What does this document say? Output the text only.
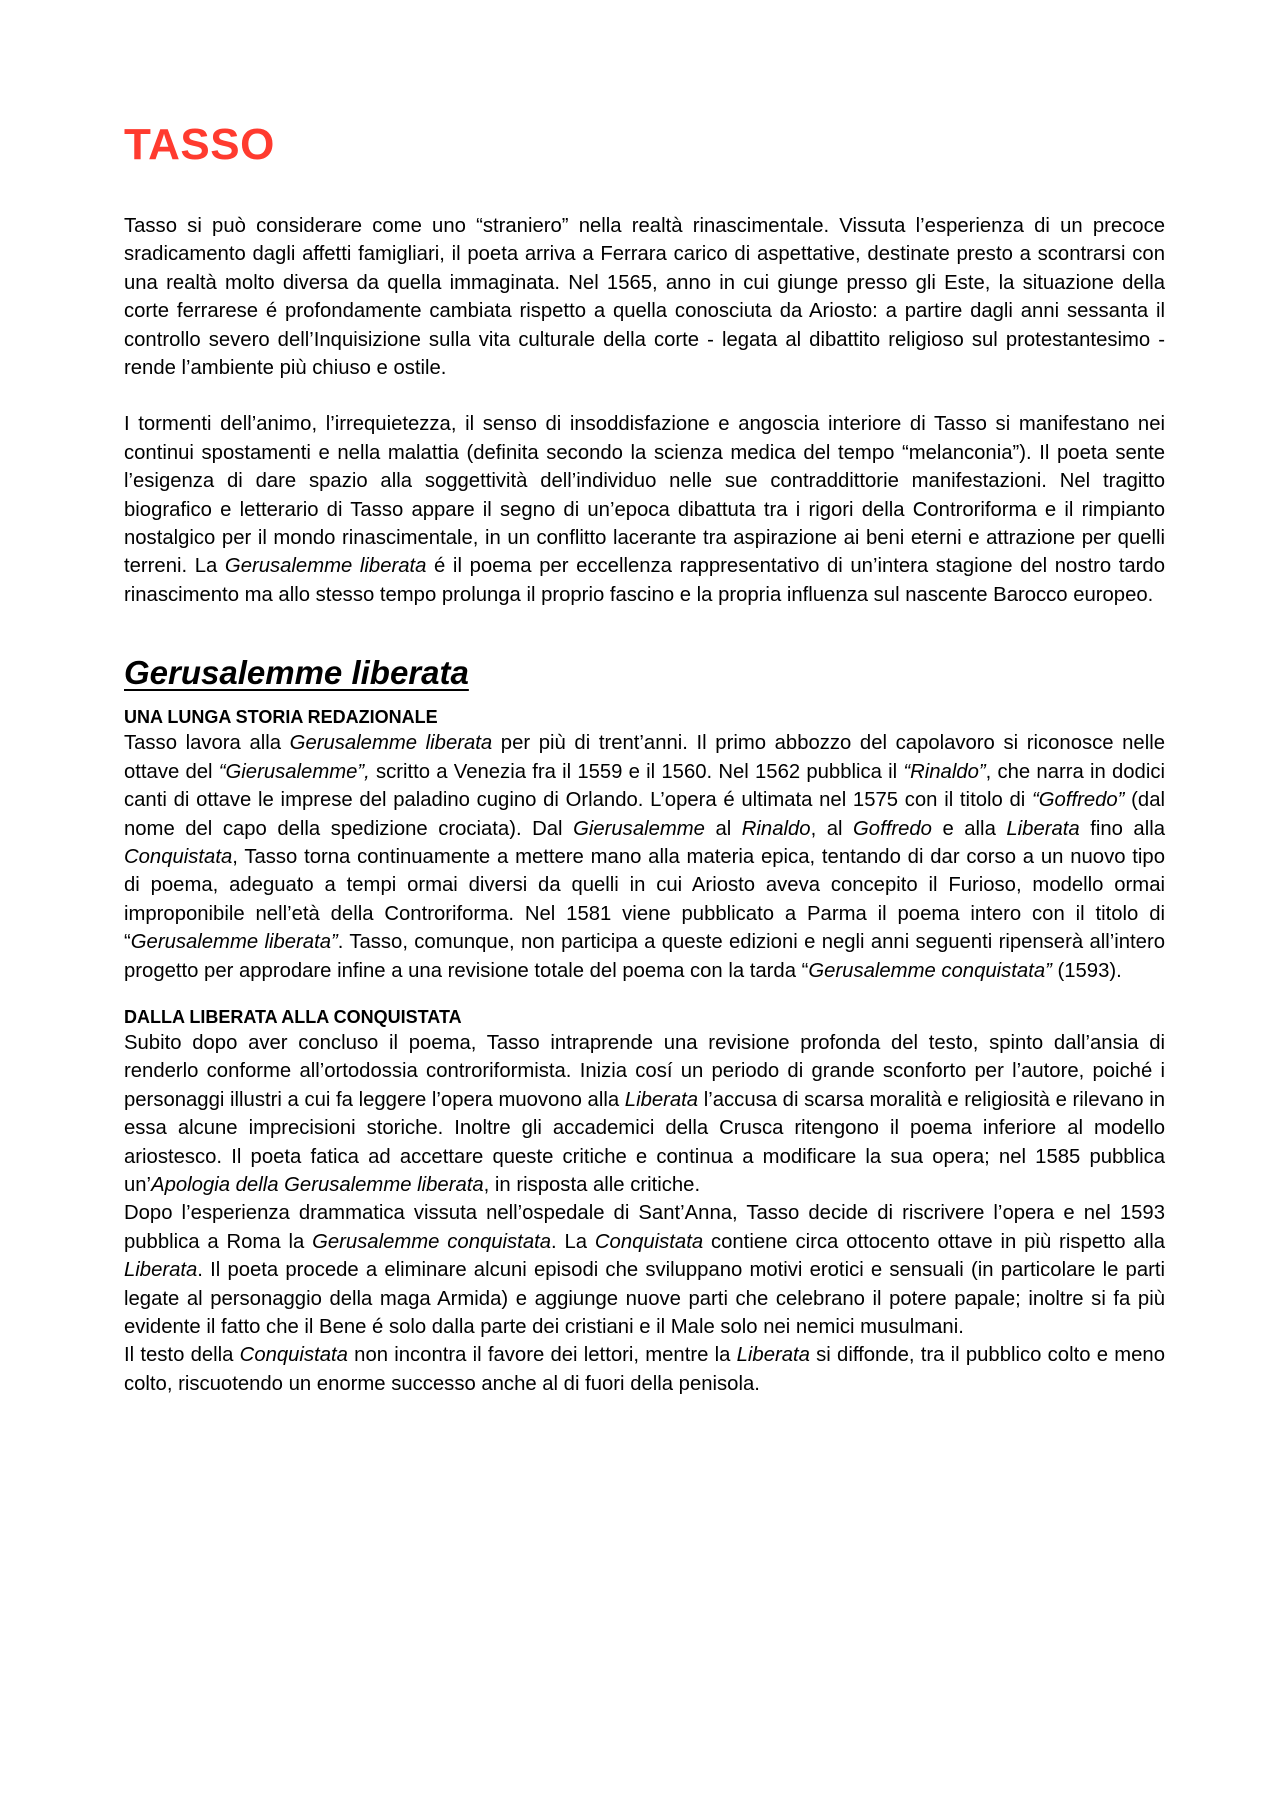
TASSO

Tasso si può considerare come uno “straniero” nella realtà rinascimentale. Vissuta l’esperienza di un precoce sradicamento dagli affetti famigliari, il poeta arriva a Ferrara carico di aspettative, destinate presto a scontrarsi con una realtà molto diversa da quella immaginata. Nel 1565, anno in cui giunge presso gli Este, la situazione della corte ferrarese é profondamente cambiata rispetto a quella conosciuta da Ariosto: a partire dagli anni sessanta il controllo severo dell’Inquisizione sulla vita culturale della corte - legata al dibattito religioso sul protestantesimo - rende l’ambiente più chiuso e ostile.

I tormenti dell’animo, l’irrequietezza, il senso di insoddisfazione e angoscia interiore di Tasso si manifestano nei continui spostamenti e nella malattia (definita secondo la scienza medica del tempo “melanconia”). Il poeta sente l’esigenza di dare spazio alla soggettività dell’individuo nelle sue contraddittorie manifestazioni. Nel tragitto biografico e letterario di Tasso appare il segno di un’epoca dibattuta tra i rigori della Controriforma e il rimpianto nostalgico per il mondo rinascimentale, in un conflitto lacerante tra aspirazione ai beni eterni e attrazione per quelli terreni. La Gerusalemme liberata é il poema per eccellenza rappresentativo di un’intera stagione del nostro tardo rinascimento ma allo stesso tempo prolunga il proprio fascino e la propria influenza sul nascente Barocco europeo.

Gerusalemme liberata
UNA LUNGA STORIA REDAZIONALE

Tasso lavora alla Gerusalemme liberata per più di trent’anni. Il primo abbozzo del capolavoro si riconosce nelle ottave del “Gierusalemme”, scritto a Venezia fra il 1559 e il 1560. Nel 1562 pubblica il “Rinaldo”, che narra in dodici canti di ottave le imprese del paladino cugino di Orlando. L’opera é ultimata nel 1575 con il titolo di “Goffredo” (dal nome del capo della spedizione crociata). Dal Gierusalemme al Rinaldo, al Goffredo e alla Liberata fino alla Conquistata, Tasso torna continuamente a mettere mano alla materia epica, tentando di dar corso a un nuovo tipo di poema, adeguato a tempi ormai diversi da quelli in cui Ariosto aveva concepito il Furioso, modello ormai improponibile nell’età della Controriforma. Nel 1581 viene pubblicato a Parma il poema intero con il titolo di “Gerusalemme liberata”. Tasso, comunque, non participa a queste edizioni e negli anni seguenti ripenserà all’intero progetto per approdare infine a una revisione totale del poema con la tarda “Gerusalemme conquistata” (1593).

DALLA LIBERATA ALLA CONQUISTATA

Subito dopo aver concluso il poema, Tasso intraprende una revisione profonda del testo, spinto dall’ansia di renderlo conforme all’ortodossia controriformista. Inizia cosí un periodo di grande sconforto per l’autore, poiché i personaggi illustri a cui fa leggere l’opera muovono alla Liberata l’accusa di scarsa moralità e religiosità e rilevano in essa alcune imprecisioni storiche. Inoltre gli accademici della Crusca ritengono il poema inferiore al modello ariostesco. Il poeta fatica ad accettare queste critiche e continua a modificare la sua opera; nel 1585 pubblica un’Apologia della Gerusalemme liberata, in risposta alle critiche.

Dopo l’esperienza drammatica vissuta nell’ospedale di Sant’Anna, Tasso decide di riscrivere l’opera e nel 1593 pubblica a Roma la Gerusalemme conquistata. La Conquistata contiene circa ottocento ottave in più rispetto alla Liberata. Il poeta procede a eliminare alcuni episodi che sviluppano motivi erotici e sensuali (in particolare le parti legate al personaggio della maga Armida) e aggiunge nuove parti che celebrano il potere papale; inoltre si fa più evidente il fatto che il Bene é solo dalla parte dei cristiani e il Male solo nei nemici musulmani.

Il testo della Conquistata non incontra il favore dei lettori, mentre la Liberata si diffonde, tra il pubblico colto e meno colto, riscuotendo un enorme successo anche al di fuori della penisola.
